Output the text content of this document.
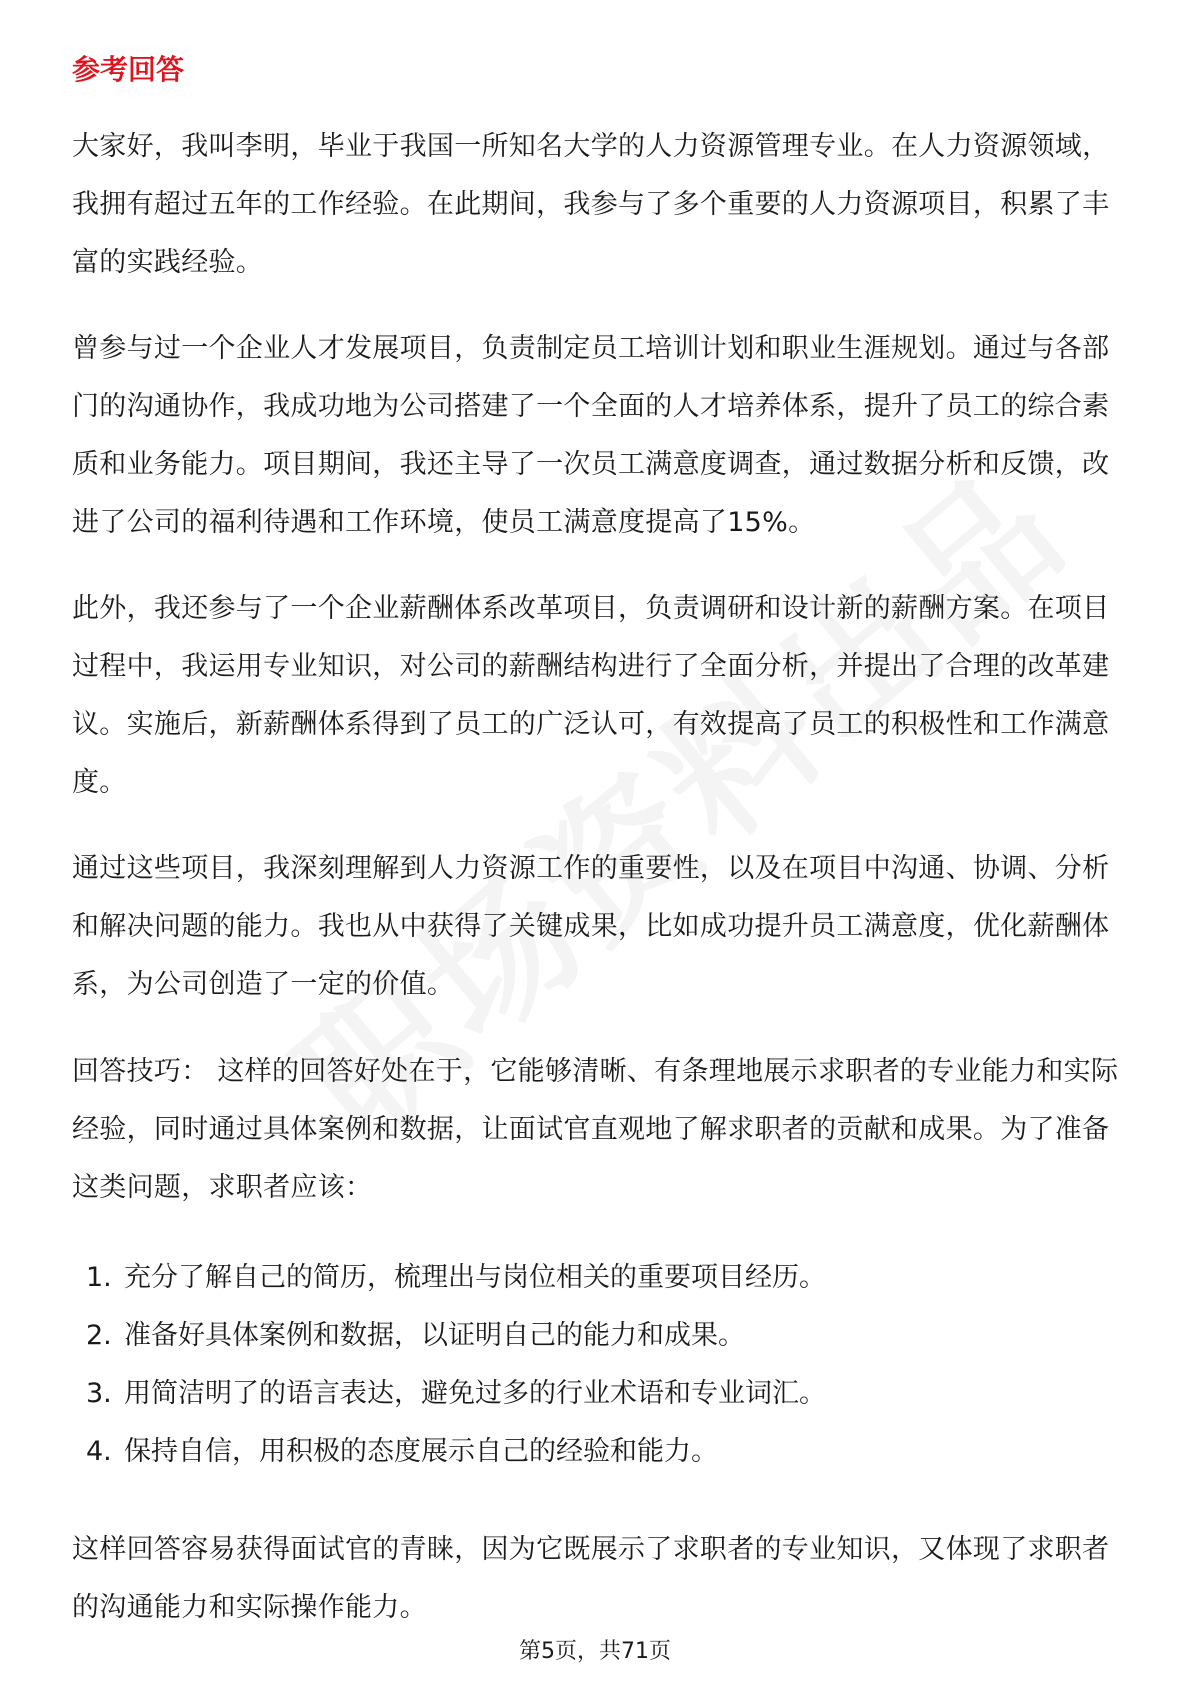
参考回答

大家好，我叫李明，毕业于我国一所知名大学的人力资源管理专业。在人力资源领域，我拥有超过五年的工作经验。在此期间，我参与了多个重要的人力资源项目，积累了丰富的实践经验。

曾参与过一个企业人才发展项目，负责制定员工培训计划和职业生涯规划。通过与各部门的沟通协作，我成功地为公司搭建了一个全面的人才培养体系，提升了员工的综合素质和业务能力。项目期间，我还主导了一次员工满意度调查，通过数据分析和反馈，改进了公司的福利待遇和工作环境，使员工满意度提高了15%。

此外，我还参与了一个企业薪酬体系改革项目，负责调研和设计新的薪酬方案。在项目过程中，我运用专业知识，对公司的薪酬结构进行了全面分析，并提出了合理的改革建议。实施后，新薪酬体系得到了员工的广泛认可，有效提高了员工的积极性和工作满意度。

通过这些项目，我深刻理解到人力资源工作的重要性，以及在项目中沟通、协调、分析和解决问题的能力。我也从中获得了关键成果，比如成功提升员工满意度，优化薪酬体系，为公司创造了一定的价值。

回答技巧： 这样的回答好处在于，它能够清晰、有条理地展示求职者的专业能力和实际经验，同时通过具体案例和数据，让面试官直观地了解求职者的贡献和成果。为了准备这类问题，求职者应该：

1. 充分了解自己的简历，梳理出与岗位相关的重要项目经历。
2. 准备好具体案例和数据，以证明自己的能力和成果。
3. 用简洁明了的语言表达，避免过多的行业术语和专业词汇。
4. 保持自信，用积极的态度展示自己的经验和能力。

这样回答容易获得面试官的青睐，因为它既展示了求职者的专业知识，又体现了求职者的沟通能力和实际操作能力。

第5页，共71页
